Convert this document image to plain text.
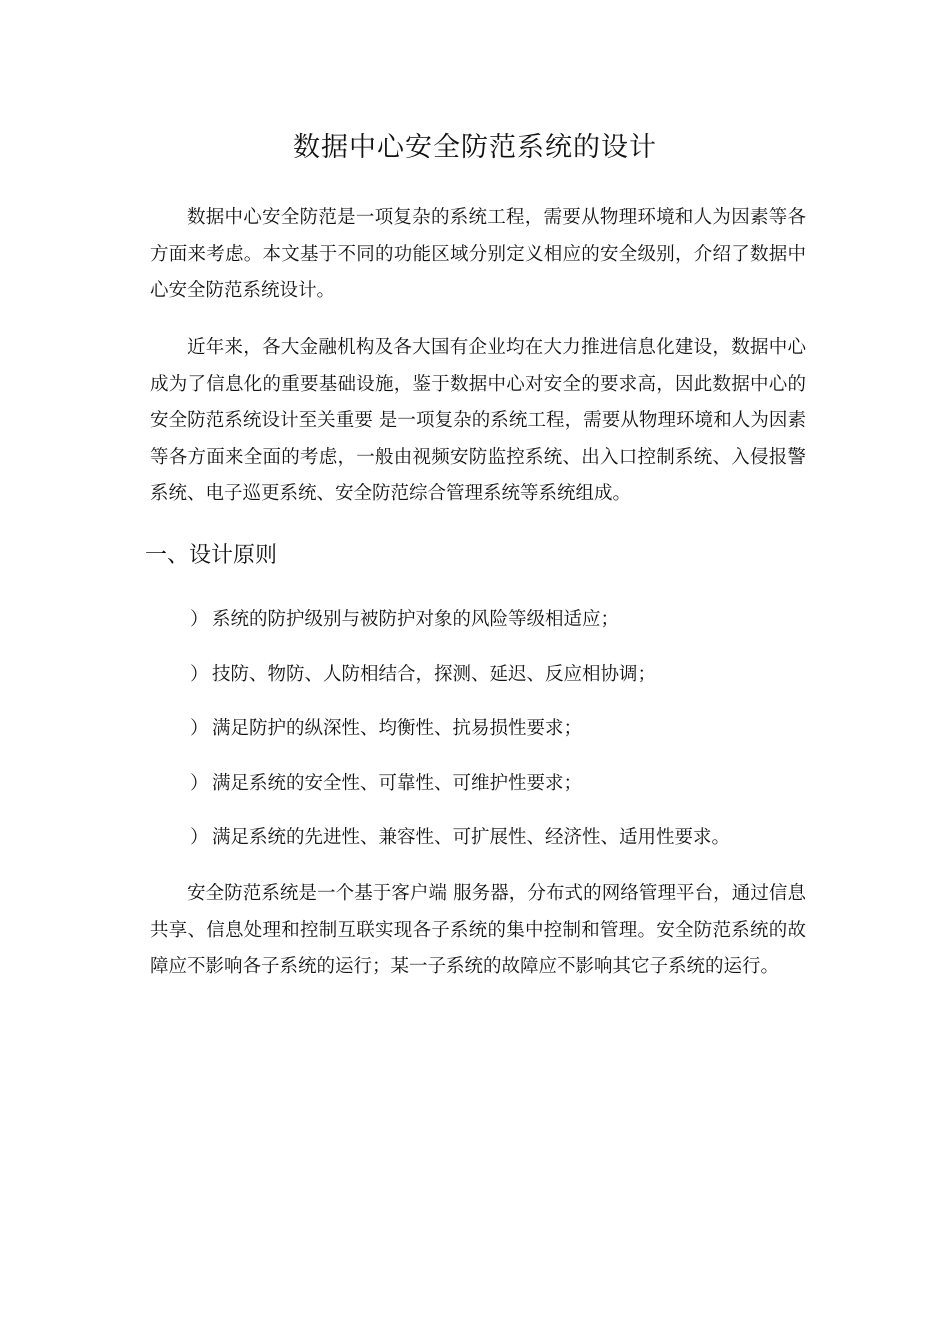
数据中心安全防范系统的设计

数据中心安全防范是一项复杂的系统工程，需要从物理环境和人为因素等各方面来考虑。本文基于不同的功能区域分别定义相应的安全级别，介绍了数据中心安全防范系统设计。

近年来，各大金融机构及各大国有企业均在大力推进信息化建设，数据中心成为了信息化的重要基础设施，鉴于数据中心对安全的要求高，因此数据中心的安全防范系统设计至关重要 是一项复杂的系统工程，需要从物理环境和人为因素等各方面来全面的考虑，一般由视频安防监控系统、出入口控制系统、入侵报警系统、电子巡更系统、安全防范综合管理系统等系统组成。

一、设计原则
） 系统的防护级别与被防护对象的风险等级相适应；
） 技防、物防、人防相结合，探测、延迟、反应相协调；
） 满足防护的纵深性、均衡性、抗易损性要求；
） 满足系统的安全性、可靠性、可维护性要求；
） 满足系统的先进性、兼容性、可扩展性、经济性、适用性要求。

安全防范系统是一个基于客户端 服务器，分布式的网络管理平台，通过信息共享、信息处理和控制互联实现各子系统的集中控制和管理。安全防范系统的故障应不影响各子系统的运行；某一子系统的故障应不影响其它子系统的运行。
